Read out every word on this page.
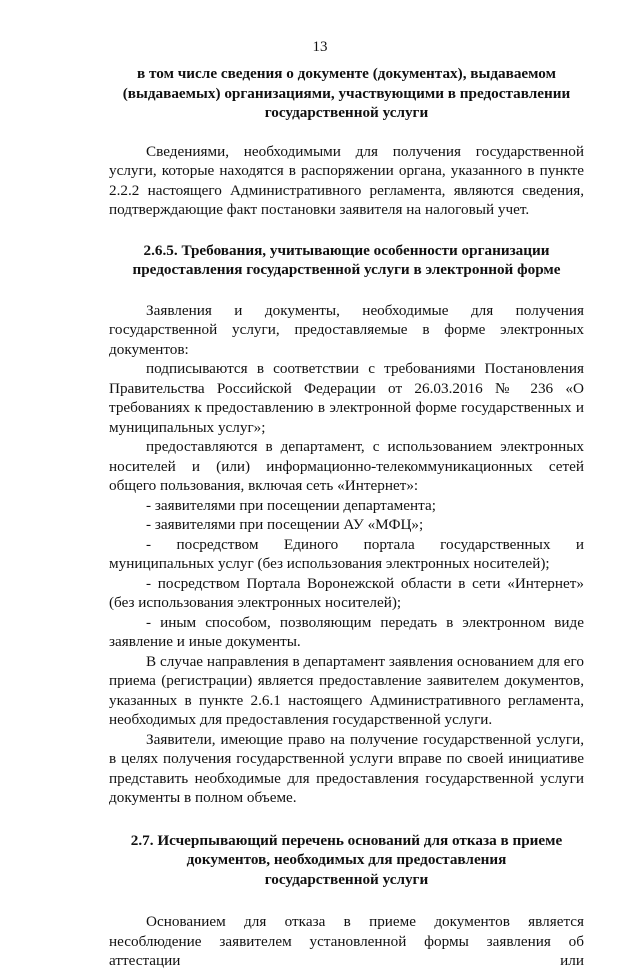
13

в том числе сведения о документе (документах), выдаваемом

(выдаваемых) организациями, участвующими в предоставлении

государственной услуги

Сведениями, необходимыми для получения государственной услуги, которые находятся в распоряжении органа, указанного в пункте 2.2.2 настоящего Административного регламента, являются сведения, подтверждающие факт постановки заявителя на налоговый учет.

2.6.5. Требования, учитывающие особенности организации

предоставления государственной услуги в электронной форме

Заявления и документы, необходимые для получения государственной услуги, предоставляемые в форме электронных документов:

подписываются в соответствии с требованиями Постановления Правительства Российской Федерации от 26.03.2016 № 236 «О требованиях к предоставлению в электронной форме государственных и муниципальных услуг»;

предоставляются в департамент, с использованием электронных носителей и (или) информационно-телекоммуникационных сетей общего пользования, включая сеть «Интернет»:

- заявителями при посещении департамента;

- заявителями при посещении АУ «МФЦ»;

- посредством Единого портала государственных и муниципальных услуг (без использования электронных носителей);

- посредством Портала Воронежской области в сети «Интернет» (без использования электронных носителей);

- иным способом, позволяющим передать в электронном виде заявление и иные документы.

В случае направления в департамент заявления основанием для его приема (регистрации) является предоставление заявителем документов, указанных в пункте 2.6.1 настоящего Административного регламента, необходимых для предоставления государственной услуги.

Заявители, имеющие право на получение государственной услуги, в целях получения государственной услуги вправе по своей инициативе представить необходимые для предоставления государственной услуги документы в полном объеме.

2.7. Исчерпывающий перечень оснований для отказа в приеме

документов, необходимых для предоставления

государственной услуги

Основанием для отказа в приеме документов является несоблюдение заявителем установленной формы заявления об аттестации или
